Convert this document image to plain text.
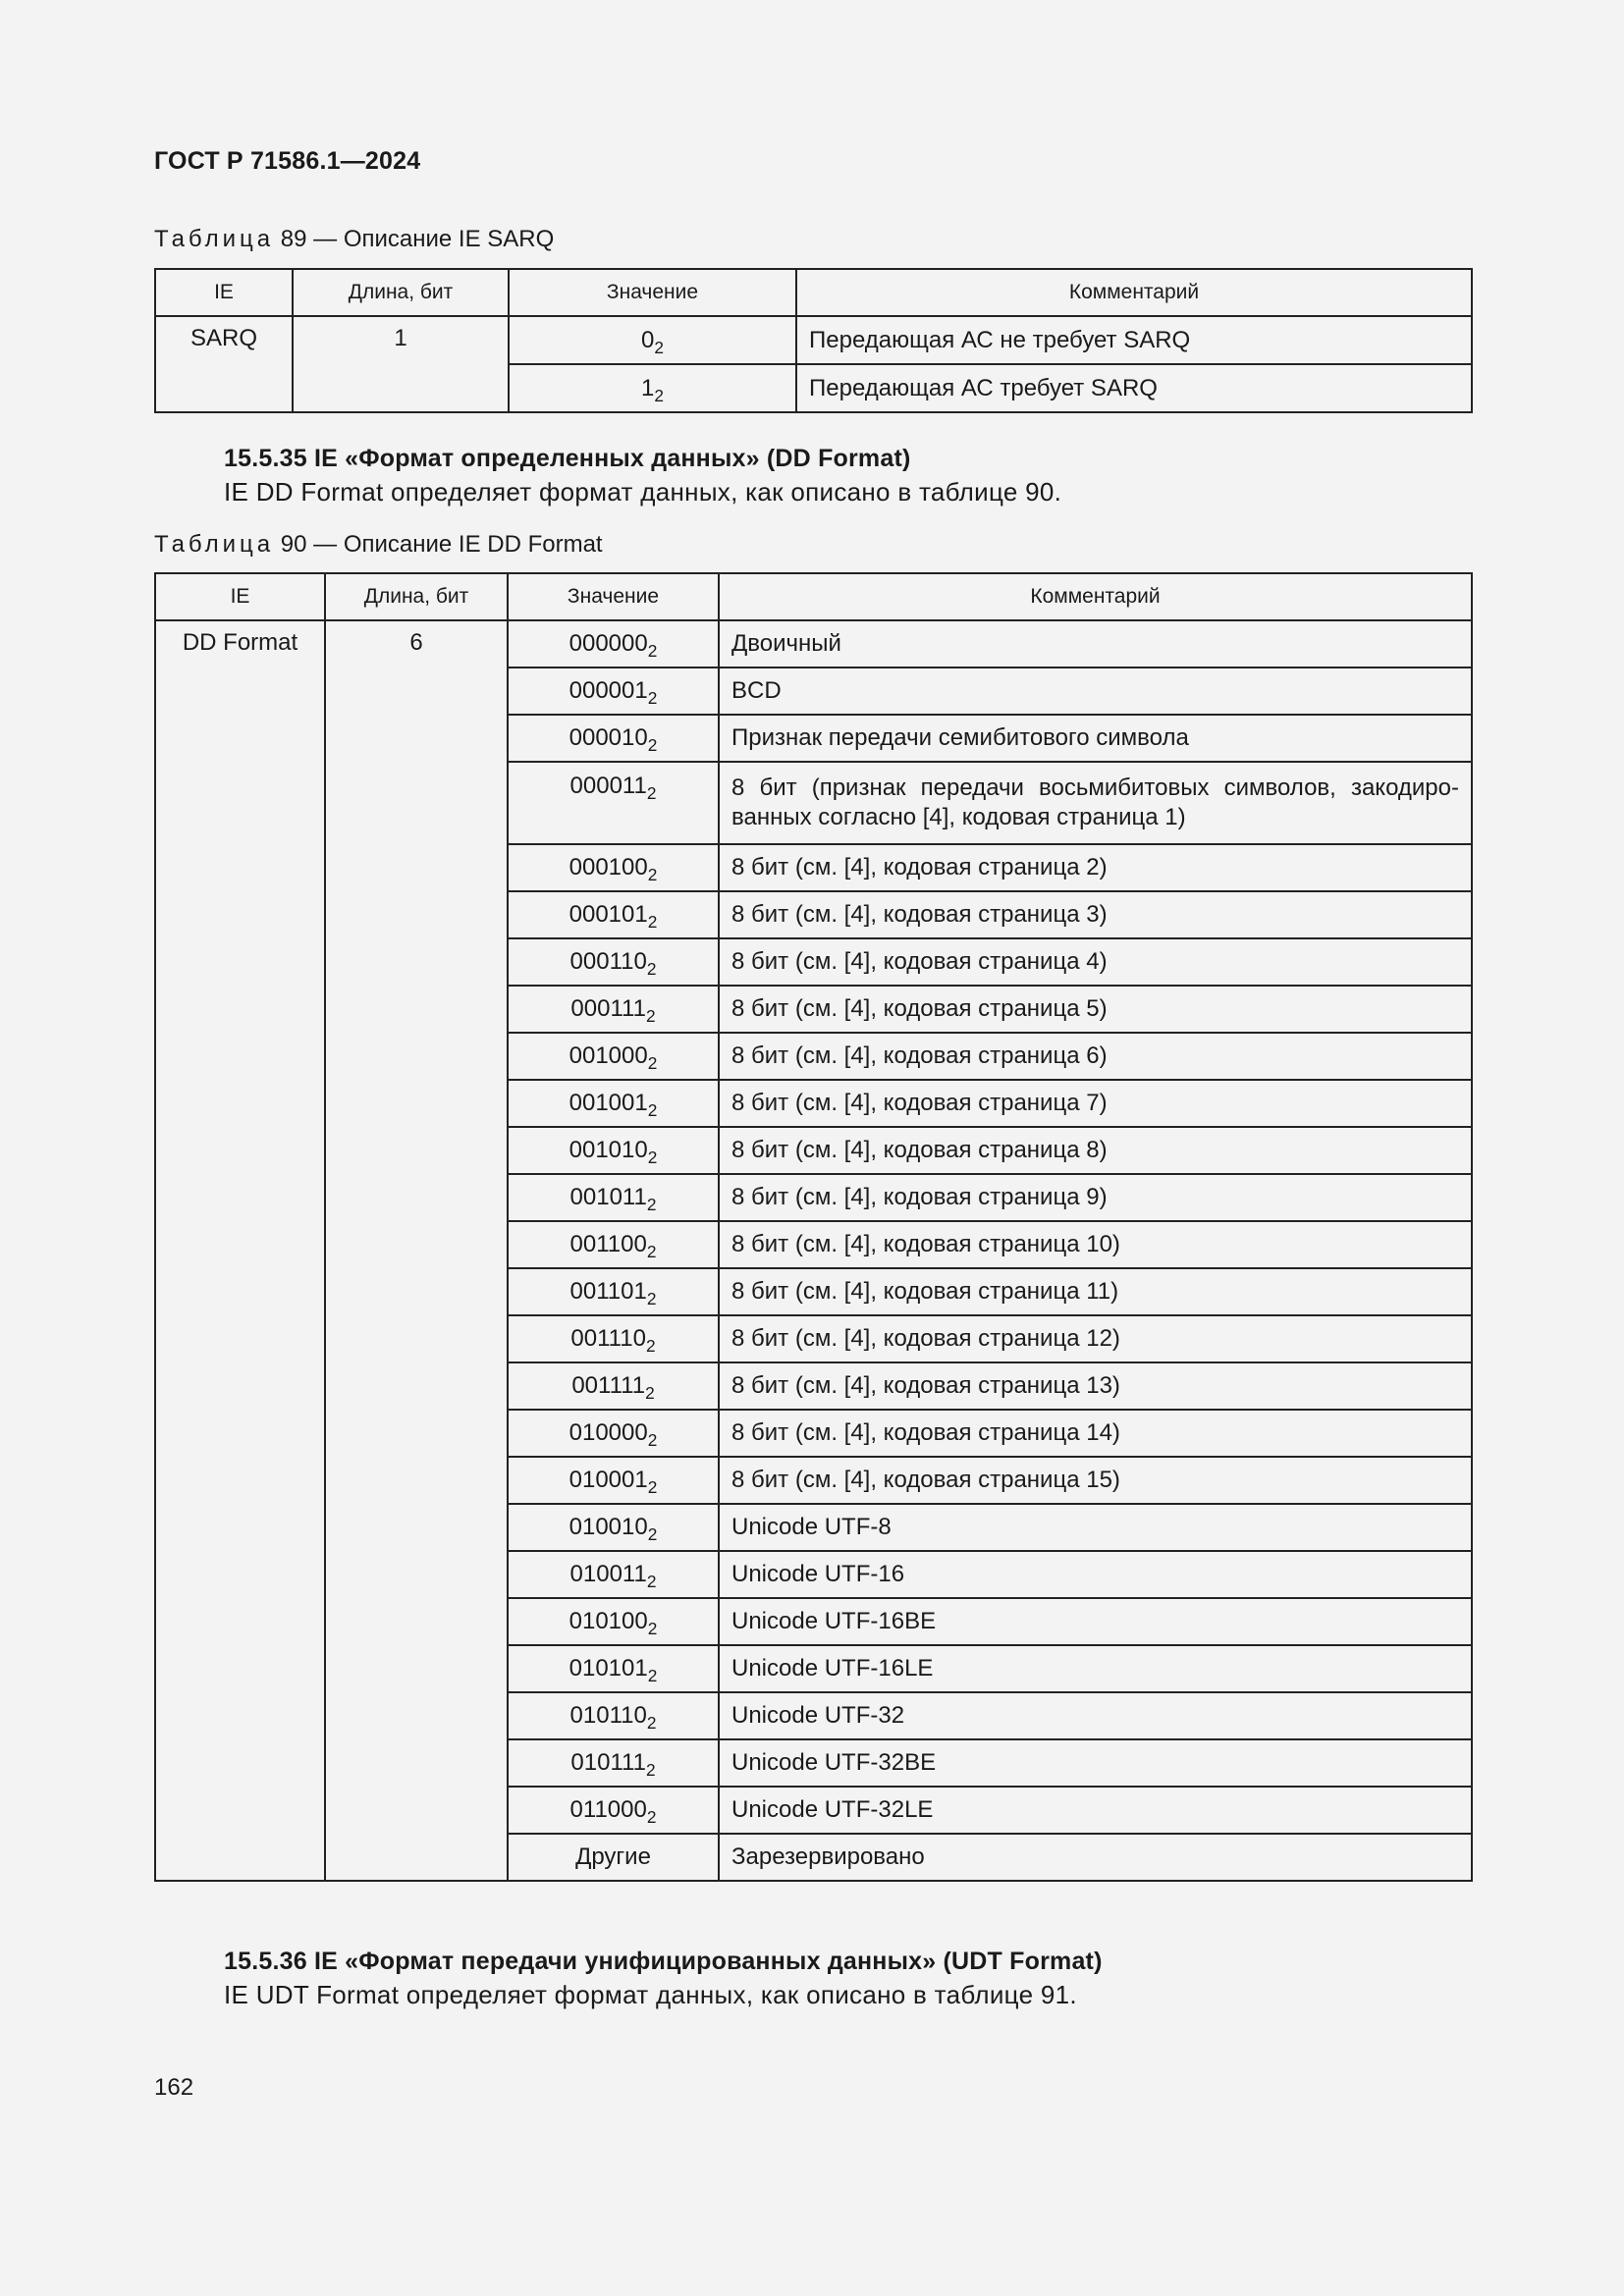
ГОСТ Р 71586.1—2024
Таблица 89 — Описание IE SARQ
IE	Длина, бит	Значение	Комментарий
SARQ	1	$0_2$	Передающая АС не требует SARQ
		$1_2$	Передающая АС требует SARQ
15.5.35 IE «Формат определенных данных» (DD Format)
IE DD Format определяет формат данных, как описано в таблице 90.
Таблица 90 — Описание IE DD Format
IE	Длина, бит	Значение	Комментарий
DD Format	6	$000000_2$	Двоичный
		$000001_2$	BCD
		$000010_2$	Признак передачи семибитового символа
		$000011_2$	8 бит (признак передачи восьмибитовых символов, закодиро-ванных согласно [4], кодовая страница 1)
		$000100_2$	8 бит (см. [4], кодовая страница 2)
		$000101_2$	8 бит (см. [4], кодовая страница 3)
		$000110_2$	8 бит (см. [4], кодовая страница 4)
		$000111_2$	8 бит (см. [4], кодовая страница 5)
		$001000_2$	8 бит (см. [4], кодовая страница 6)
		$001001_2$	8 бит (см. [4], кодовая страница 7)
		$001010_2$	8 бит (см. [4], кодовая страница 8)
		$001011_2$	8 бит (см. [4], кодовая страница 9)
		$001100_2$	8 бит (см. [4], кодовая страница 10)
		$001101_2$	8 бит (см. [4], кодовая страница 11)
		$001110_2$	8 бит (см. [4], кодовая страница 12)
		$001111_2$	8 бит (см. [4], кодовая страница 13)
		$010000_2$	8 бит (см. [4], кодовая страница 14)
		$010001_2$	8 бит (см. [4], кодовая страница 15)
		$010010_2$	Unicode UTF-8
		$010011_2$	Unicode UTF-16
		$010100_2$	Unicode UTF-16BE
		$010101_2$	Unicode UTF-16LE
		$010110_2$	Unicode UTF-32
		$010111_2$	Unicode UTF-32BE
		$011000_2$	Unicode UTF-32LE
		Другие	Зарезервировано
15.5.36 IE «Формат передачи унифицированных данных» (UDT Format)
IE UDT Format определяет формат данных, как описано в таблице 91.
162
